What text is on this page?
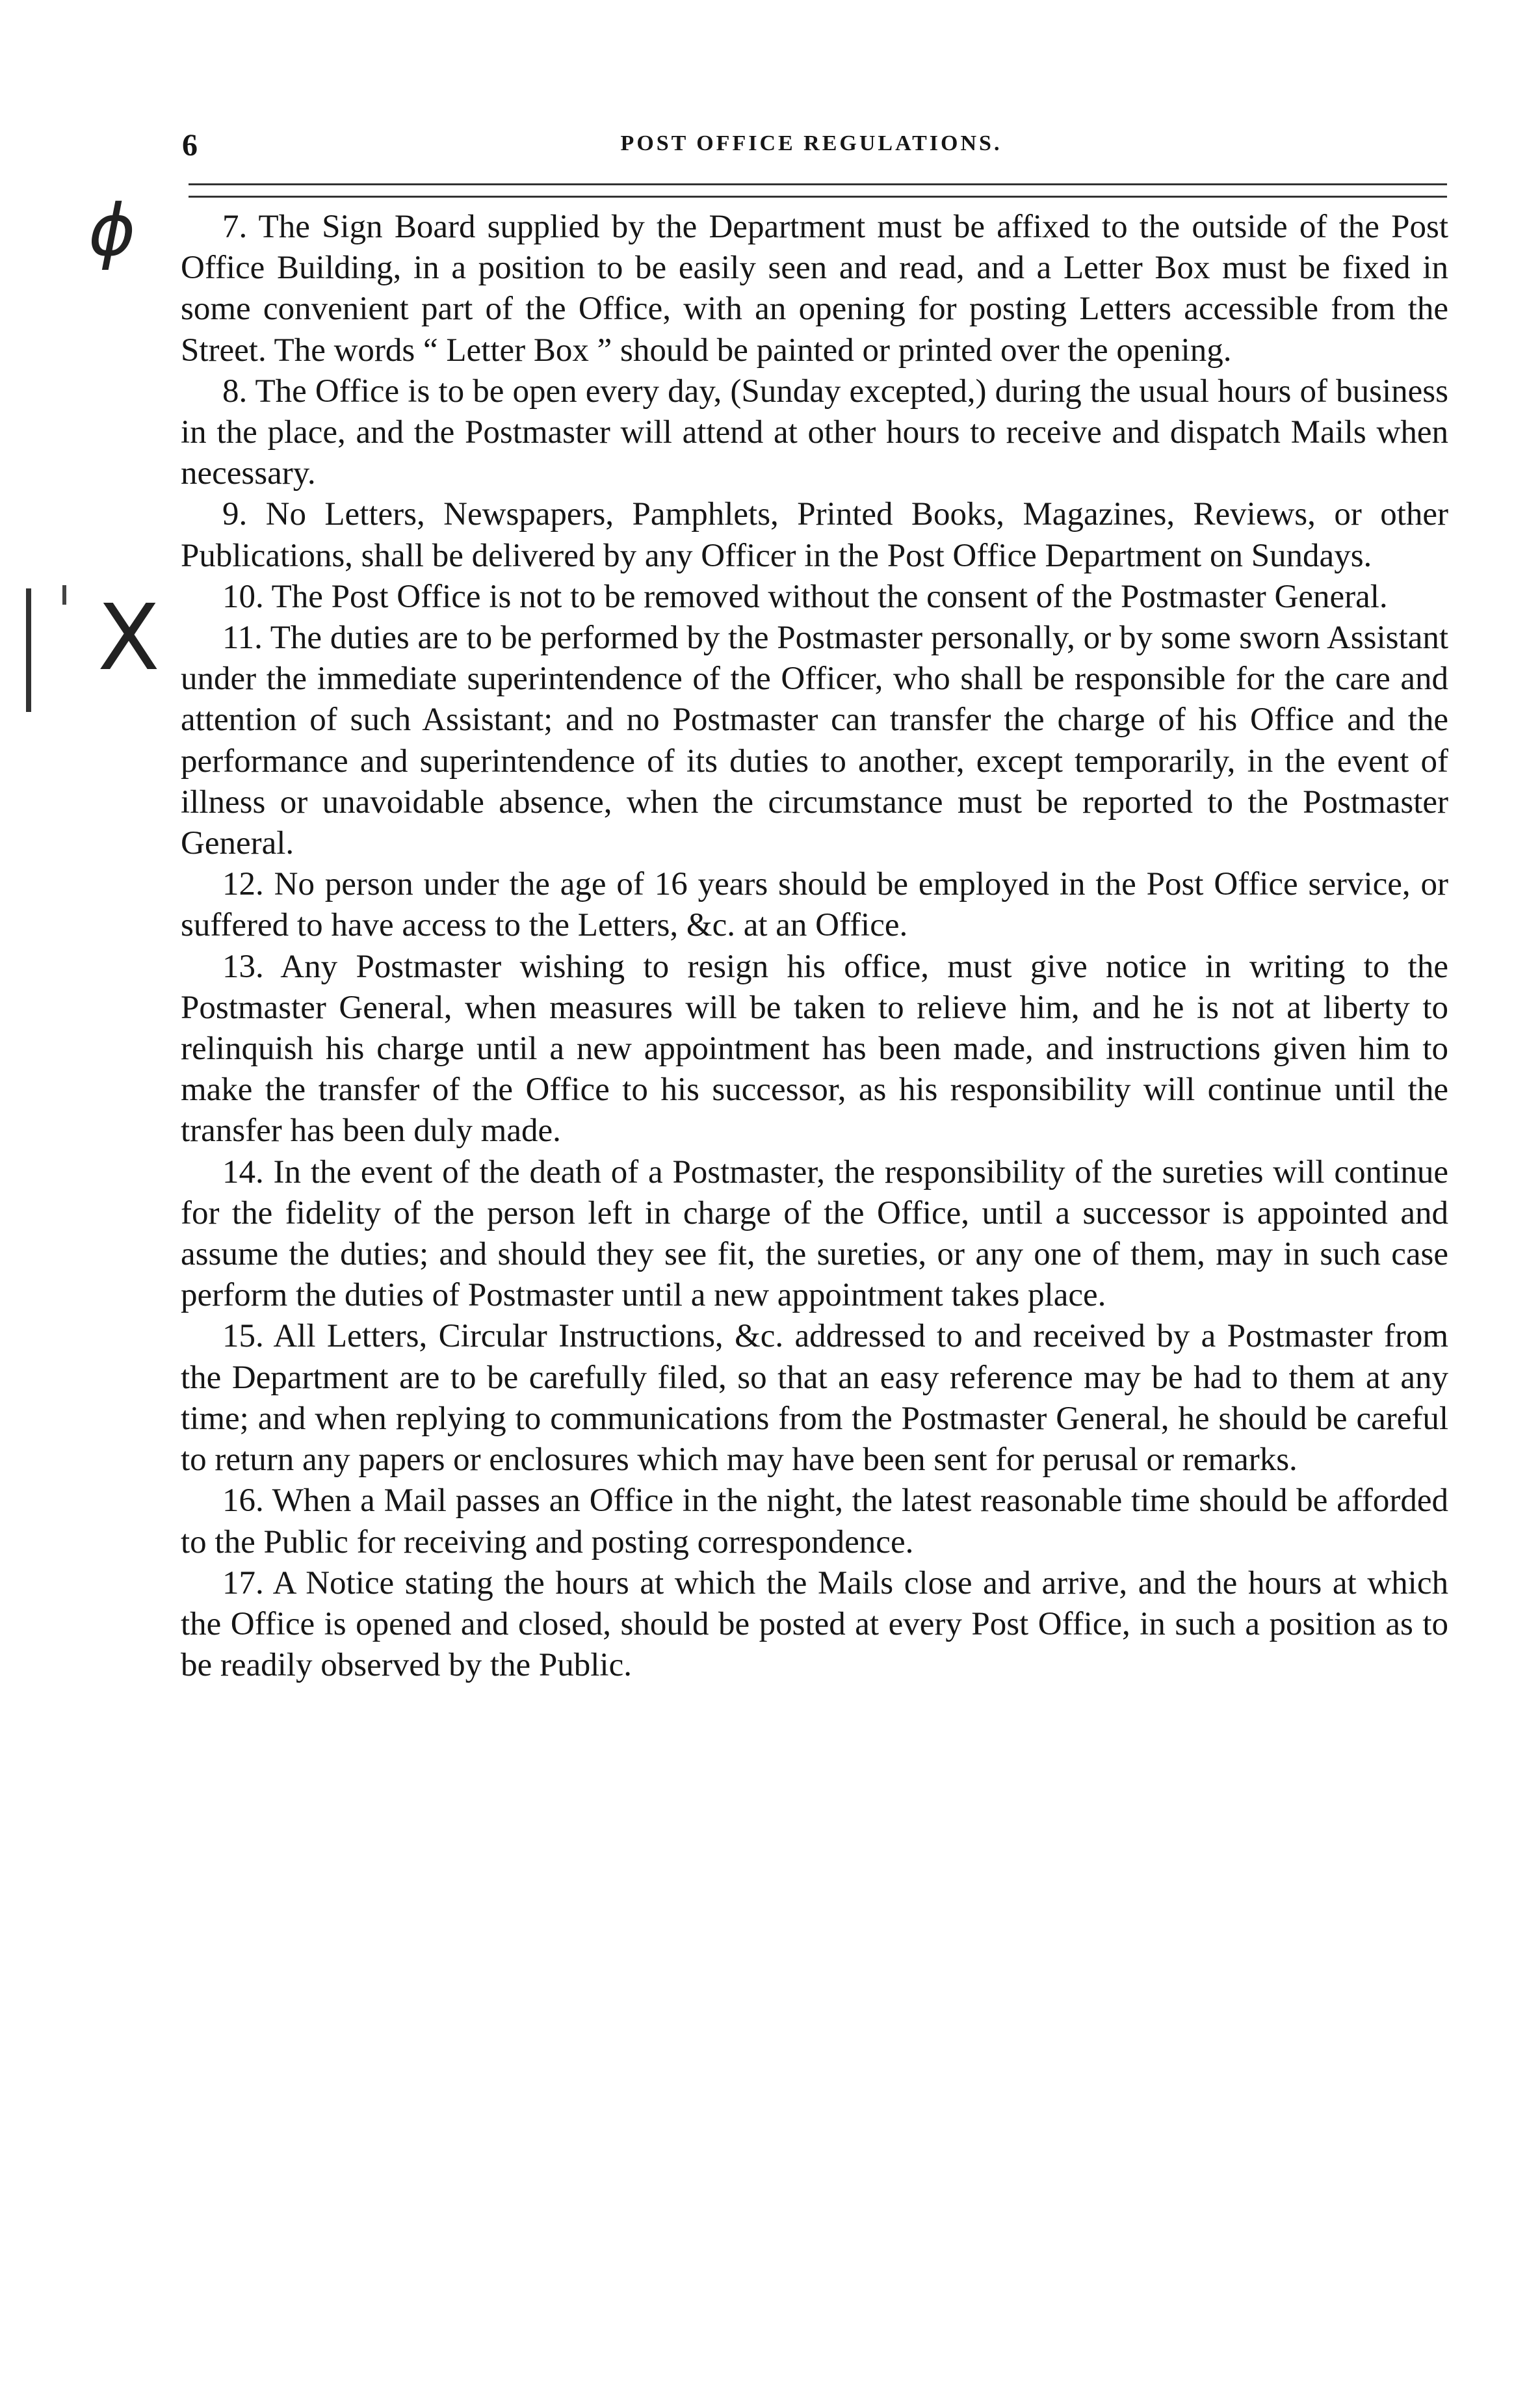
6	POST OFFICE REGULATIONS.
ϕ
X

7. The Sign Board supplied by the Department must be affixed to the outside of the Post Office Building, in a position to be easily seen and read, and a Letter Box must be fixed in some convenient part of the Office, with an opening for posting Letters accessible from the Street. The words “ Letter Box ” should be painted or printed over the opening.

8. The Office is to be open every day, (Sunday excepted,) during the usual hours of business in the place, and the Postmaster will attend at other hours to receive and dispatch Mails when necessary.

9. No Letters, Newspapers, Pamphlets, Printed Books, Magazines, Reviews, or other Publications, shall be delivered by any Officer in the Post Office Department on Sundays.

10. The Post Office is not to be removed without the consent of the Postmaster General.

11. The duties are to be performed by the Postmaster personally, or by some sworn Assistant under the immediate superintendence of the Officer, who shall be responsible for the care and attention of such Assistant; and no Postmaster can transfer the charge of his Office and the performance and superintendence of its duties to another, except temporarily, in the event of illness or unavoidable absence, when the circumstance must be reported to the Postmaster General.

12. No person under the age of 16 years should be employed in the Post Office service, or suffered to have access to the Letters, &c. at an Office.

13. Any Postmaster wishing to resign his office, must give notice in writing to the Postmaster General, when measures will be taken to relieve him, and he is not at liberty to relinquish his charge until a new appointment has been made, and instructions given him to make the transfer of the Office to his successor, as his responsibility will continue until the transfer has been duly made.

14. In the event of the death of a Postmaster, the responsibility of the sureties will continue for the fidelity of the person left in charge of the Office, until a successor is appointed and assume the duties; and should they see fit, the sureties, or any one of them, may in such case perform the duties of Postmaster until a new appointment takes place.

15. All Letters, Circular Instructions, &c. addressed to and received by a Postmaster from the Department are to be carefully filed, so that an easy reference may be had to them at any time; and when replying to communications from the Postmaster General, he should be careful to return any papers or enclosures which may have been sent for perusal or remarks.

16. When a Mail passes an Office in the night, the latest reasonable time should be afforded to the Public for receiving and posting correspondence.

17. A Notice stating the hours at which the Mails close and arrive, and the hours at which the Office is opened and closed, should be posted at every Post Office, in such a position as to be readily observed by the Public.
